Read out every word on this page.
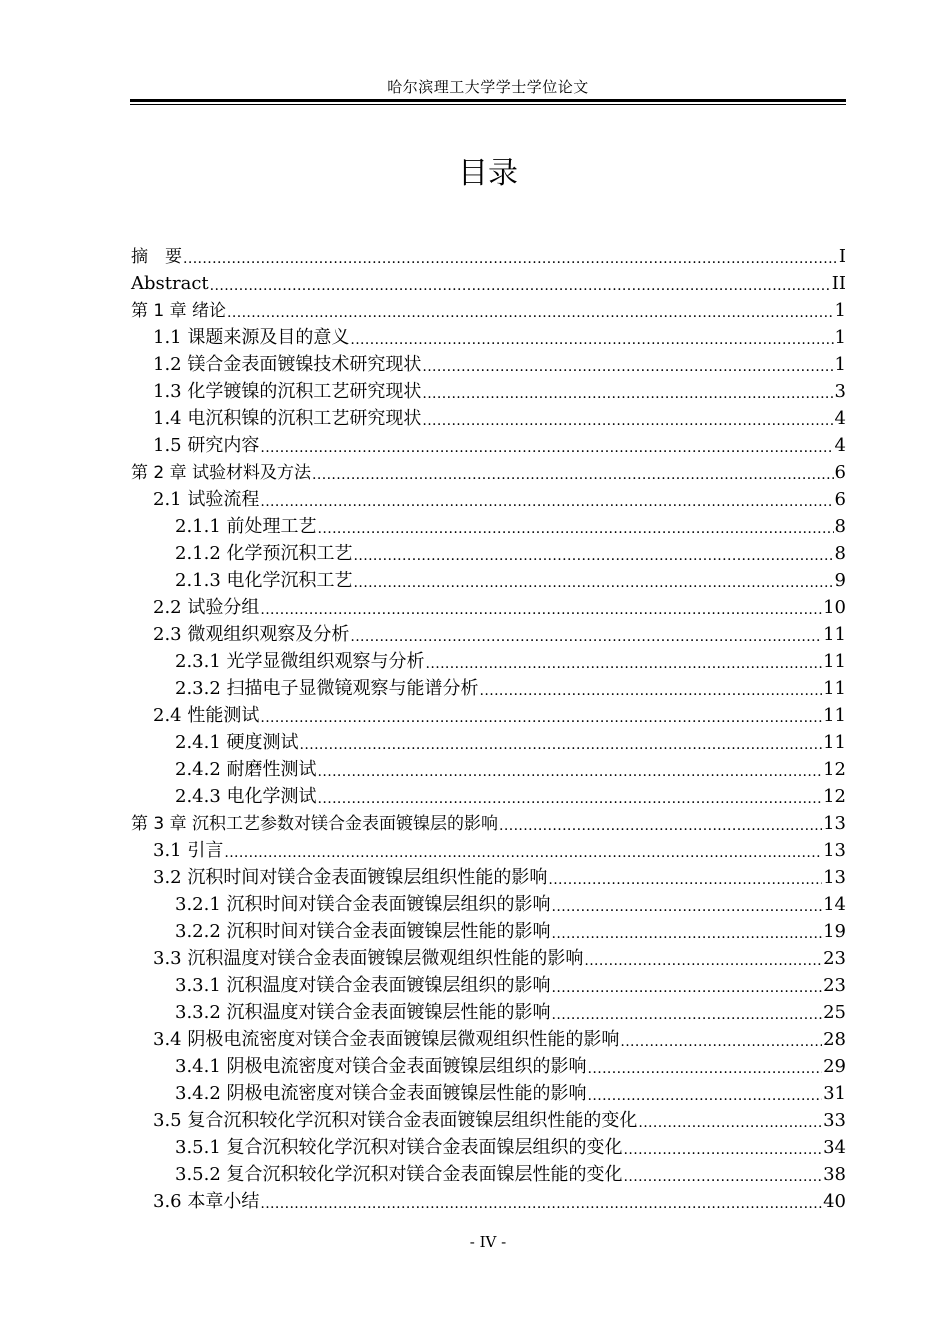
哈尔滨理工大学学士学位论文
目录
摘　要 .....	I
Abstract .....	II
第 1 章 绪论 .....	1
1.1 课题来源及目的意义 .....	1
1.2 镁合金表面镀镍技术研究现状 .....	1
1.3 化学镀镍的沉积工艺研究现状 .....	3
1.4 电沉积镍的沉积工艺研究现状 .....	4
1.5 研究内容 .....	4
第 2 章 试验材料及方法 .....	6
2.1 试验流程 .....	6
2.1.1 前处理工艺 .....	8
2.1.2 化学预沉积工艺 .....	8
2.1.3 电化学沉积工艺 .....	9
2.2 试验分组 .....	10
2.3 微观组织观察及分析 .....	11
2.3.1 光学显微组织观察与分析 .....	11
2.3.2 扫描电子显微镜观察与能谱分析 .....	11
2.4 性能测试 .....	11
2.4.1 硬度测试 .....	11
2.4.2 耐磨性测试 .....	12
2.4.3 电化学测试 .....	12
第 3 章 沉积工艺参数对镁合金表面镀镍层的影响 .....	13
3.1 引言 .....	13
3.2 沉积时间对镁合金表面镀镍层组织性能的影响 .....	13
3.2.1 沉积时间对镁合金表面镀镍层组织的影响 .....	14
3.2.2 沉积时间对镁合金表面镀镍层性能的影响 .....	19
3.3 沉积温度对镁合金表面镀镍层微观组织性能的影响 .....	23
3.3.1 沉积温度对镁合金表面镀镍层组织的影响 .....	23
3.3.2 沉积温度对镁合金表面镀镍层性能的影响 .....	25
3.4 阴极电流密度对镁合金表面镀镍层微观组织性能的影响 .....	28
3.4.1 阴极电流密度对镁合金表面镀镍层组织的影响 .....	29
3.4.2 阴极电流密度对镁合金表面镀镍层性能的影响 .....	31
3.5 复合沉积较化学沉积对镁合金表面镀镍层组织性能的变化 .....	33
3.5.1 复合沉积较化学沉积对镁合金表面镍层组织的变化 .....	34
3.5.2 复合沉积较化学沉积对镁合金表面镍层性能的变化 .....	38
3.6 本章小结 .....	40
- IV -
